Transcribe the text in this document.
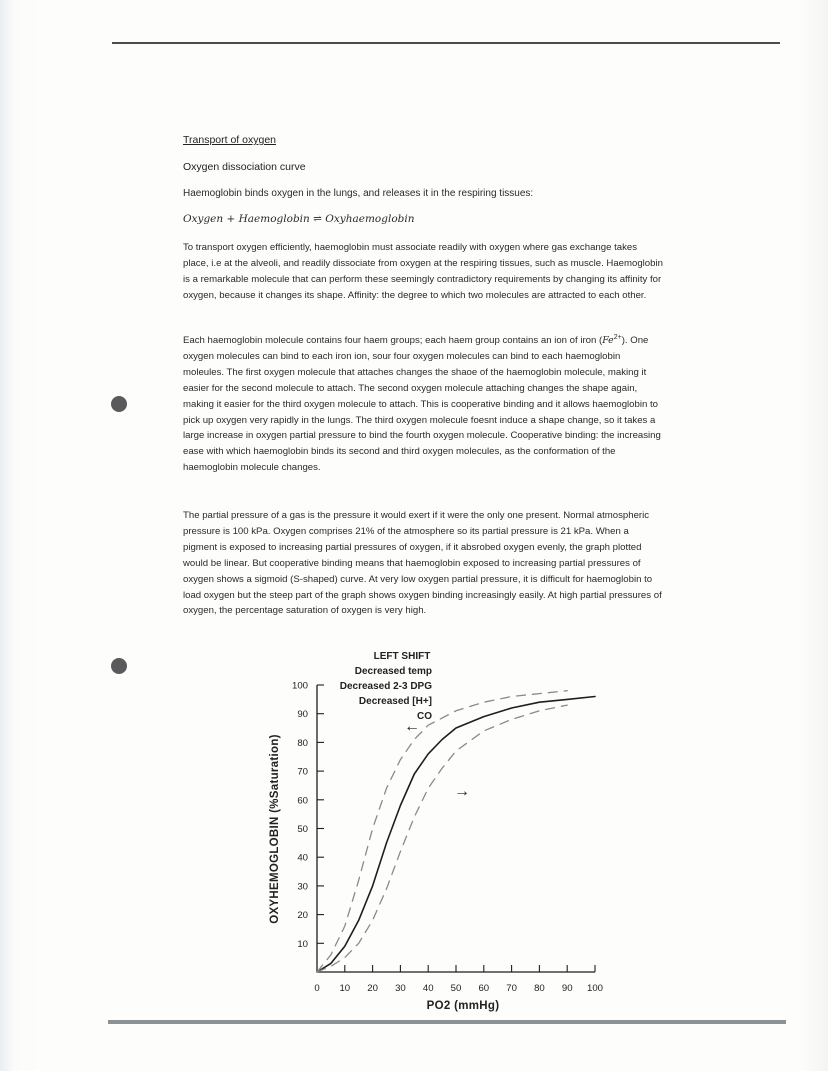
Transport of oxygen
Oxygen dissociation curve
Haemoglobin binds oxygen in the lungs, and releases it in the respiring tissues:
Oxygen + Haemoglobin ⇌ Oxyhaemoglobin
To transport oxygen efficiently, haemoglobin must associate readily with oxygen where gas exchange takes place, i.e at the alveoli, and readily dissociate from oxygen at the respiring tissues, such as muscle. Haemoglobin is a remarkable molecule that can perform these seemingly contradictory requirements by changing its affinity for oxygen, because it changes its shape. Affinity: the degree to which two molecules are attracted to each other.
Each haemoglobin molecule contains four haem groups; each haem group contains an ion of iron $(Fe^{2+})$. One oxygen molecules can bind to each iron ion, sour four oxygen molecules can bind to each haemoglobin moleules. The first oxygen molecule that attaches changes the shaoe of the haemoglobin molecule, making it easier for the second molecule to attach. The second oxygen molecule attaching changes the shape again, making it easier for the third oxygen molecule to attach. This is cooperative binding and it allows haemoglobin to pick up oxygen very rapidly in the lungs. The third oxygen molecule foesnt induce a shape change, so it takes a large increase in oxygen partial pressure to bind the fourth oxygen molecule. Cooperative binding: the increasing ease with which haemoglobin binds its second and third oxygen molecules, as the conformation of the haemoglobin molecule changes.
The partial pressure of a gas is the pressure it would exert if it were the only one present. Normal atmospheric pressure is 100 kPa. Oxygen comprises 21% of the atmosphere so its partial pressure is 21 kPa. When a pigment is exposed to increasing partial pressures of oxygen, if it absrobed oxygen evenly, the graph plotted would be linear. But cooperative binding means that haemoglobin exposed to increasing partial pressures of oxygen shows a sigmoid (S-shaped) curve. At very low oxygen partial pressure, it is difficult for haemoglobin to load oxygen but the steep part of the graph shows oxygen binding increasingly easily. At high partial pressures of oxygen, the percentage saturation of oxygen is very high.
10
20
30
40
50
60
70
80
90
100
0 10 20 30 40 50 60 70 80 90 100
LEFT SHIFT
Decreased temp
Decreased 2-3 DPG
Decreased [H+]
CO
←
→
OXYHEMOGLOBIN (%Saturation)
PO2 (mmHg)
